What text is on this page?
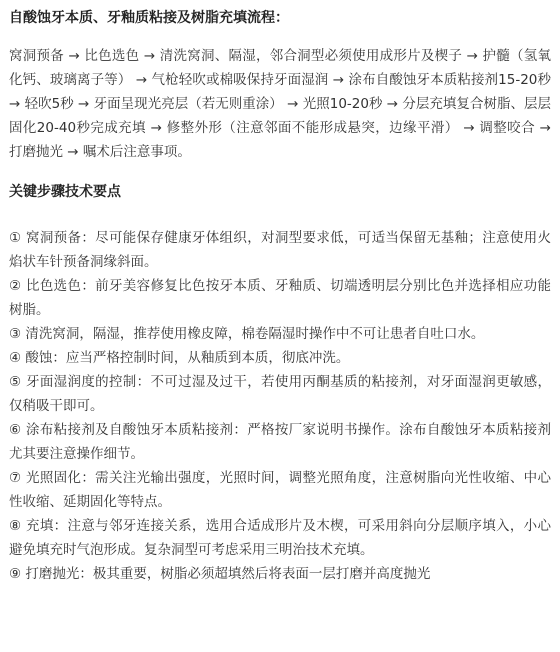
自酸蚀牙本质、牙釉质粘接及树脂充填流程：

窝洞预备 → 比色选色 → 清洗窝洞、隔湿，邻合洞型必须使用成形片及楔子 → 护髓（氢氧化钙、玻璃离子等） → 气枪轻吹或棉吸保持牙面湿润 → 涂布自酸蚀牙本质粘接剂15-20秒 → 轻吹5秒 → 牙面呈现光亮层（若无则重涂） → 光照10-20秒 → 分层充填复合树脂、层层固化20-40秒完成充填 → 修整外形（注意邻面不能形成悬突，边缘平滑） → 调整咬合 → 打磨抛光 → 嘱术后注意事项。

关键步骤技术要点

① 窝洞预备：尽可能保存健康牙体组织，对洞型要求低，可适当保留无基釉；注意使用火焰状车针预备洞缘斜面。
② 比色选色：前牙美容修复比色按牙本质、牙釉质、切端透明层分别比色并选择相应功能树脂。
③ 清洗窝洞，隔湿，推荐使用橡皮障，棉卷隔湿时操作中不可让患者自吐口水。
④ 酸蚀：应当严格控制时间，从釉质到本质，彻底冲洗。
⑤ 牙面湿润度的控制：不可过湿及过干，若使用丙酮基质的粘接剂，对牙面湿润更敏感，仅稍吸干即可。
⑥ 涂布粘接剂及自酸蚀牙本质粘接剂：严格按厂家说明书操作。涂布自酸蚀牙本质粘接剂尤其要注意操作细节。
⑦ 光照固化：需关注光输出强度，光照时间，调整光照角度，注意树脂向光性收缩、中心性收缩、延期固化等特点。
⑧ 充填：注意与邻牙连接关系，选用合适成形片及木楔，可采用斜向分层顺序填入，小心避免填充时气泡形成。复杂洞型可考虑采用三明治技术充填。
⑨ 打磨抛光：极其重要，树脂必须超填然后将表面一层打磨并高度抛光
